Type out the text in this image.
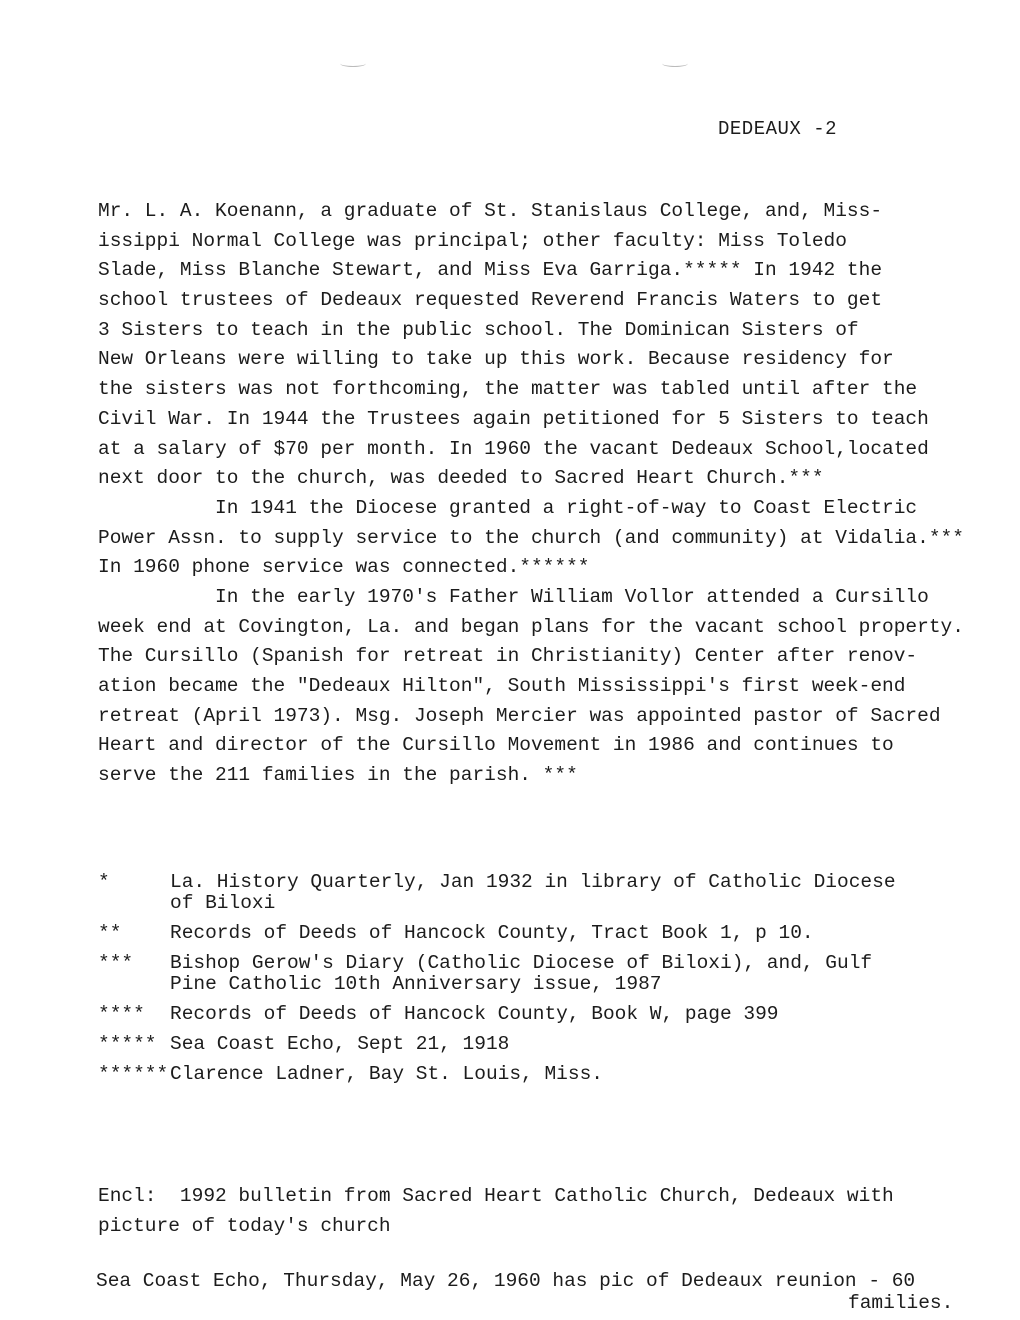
DEDEAUX -2
Mr. L. A. Koenann, a graduate of St. Stanislaus College, and, Miss-
issippi Normal College was principal; other faculty: Miss Toledo
Slade, Miss Blanche Stewart, and Miss Eva Garriga.***** In 1942 the
school trustees of Dedeaux requested Reverend Francis Waters to get
3 Sisters to teach in the public school. The Dominican Sisters of
New Orleans were willing to take up this work. Because residency for
the sisters was not forthcoming, the matter was tabled until after the
Civil War. In 1944 the Trustees again petitioned for 5 Sisters to teach
at a salary of $70 per month. In 1960 the vacant Dedeaux School,located
next door to the church, was deeded to Sacred Heart Church.***
In 1941 the Diocese granted a right-of-way to Coast Electric
Power Assn. to supply service to the church (and community) at Vidalia.***
In 1960 phone service was connected.******
In the early 1970's Father William Vollor attended a Cursillo
week end at Covington, La. and began plans for the vacant school property.
The Cursillo (Spanish for retreat in Christianity) Center after renov-
ation became the "Dedeaux Hilton", South Mississippi's first week-end
retreat (April 1973). Msg. Joseph Mercier was appointed pastor of Sacred
Heart and director of the Cursillo Movement in 1986 and continues to
serve the 211 families in the parish. ***
*	La. History Quarterly, Jan 1932 in library of Catholic Diocese
of Biloxi
**	Records of Deeds of Hancock County, Tract Book 1, p 10.
***	Bishop Gerow's Diary (Catholic Diocese of Biloxi), and, Gulf
Pine Catholic 10th Anniversary issue, 1987
****	Records of Deeds of Hancock County, Book W, page 399
***** Sea Coast Echo, Sept 21, 1918
****** Clarence Ladner, Bay St. Louis, Miss.
Encl:  1992 bulletin from Sacred Heart Catholic Church, Dedeaux with
picture of today's church
Sea Coast Echo, Thursday, May 26, 1960 has pic of Dedeaux reunion - 60
families.
